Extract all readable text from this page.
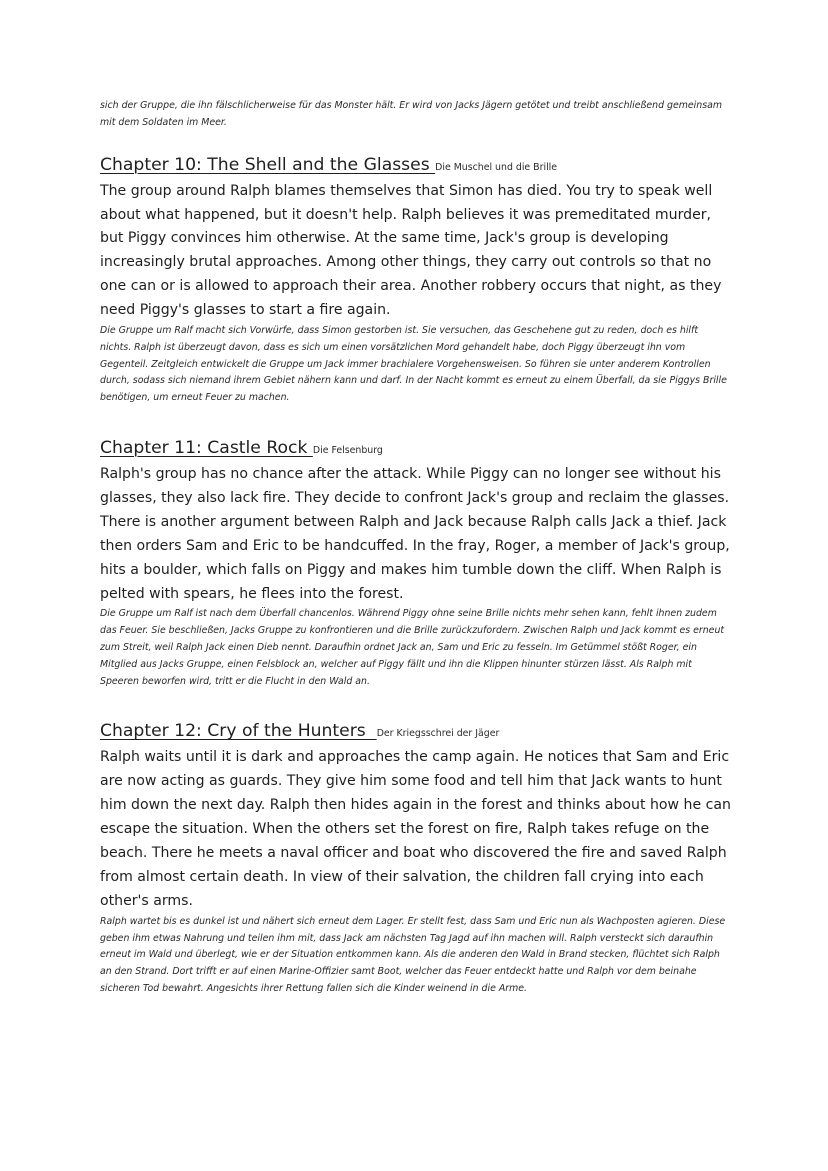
sich der Gruppe, die ihn fälschlicherweise für das Monster hält. Er wird von Jacks Jägern getötet und treibt anschließend gemeinsam mit dem Soldaten im Meer.

Chapter 10: The Shell and the Glasses Die Muschel und die Brille

The group around Ralph blames themselves that Simon has died. You try to speak well about what happened, but it doesn't help. Ralph believes it was premeditated murder, but Piggy convinces him otherwise. At the same time, Jack's group is developing increasingly brutal approaches. Among other things, they carry out controls so that no one can or is allowed to approach their area. Another robbery occurs that night, as they need Piggy's glasses to start a fire again.

Die Gruppe um Ralf macht sich Vorwürfe, dass Simon gestorben ist. Sie versuchen, das Geschehene gut zu reden, doch es hilft nichts. Ralph ist überzeugt davon, dass es sich um einen vorsätzlichen Mord gehandelt habe, doch Piggy überzeugt ihn vom Gegenteil. Zeitgleich entwickelt die Gruppe um Jack immer brachialere Vorgehensweisen. So führen sie unter anderem Kontrollen durch, sodass sich niemand ihrem Gebiet nähern kann und darf. In der Nacht kommt es erneut zu einem Überfall, da sie Piggys Brille benötigen, um erneut Feuer zu machen.

Chapter 11: Castle Rock Die Felsenburg

Ralph's group has no chance after the attack. While Piggy can no longer see without his glasses, they also lack fire. They decide to confront Jack's group and reclaim the glasses. There is another argument between Ralph and Jack because Ralph calls Jack a thief. Jack then orders Sam and Eric to be handcuffed. In the fray, Roger, a member of Jack's group, hits a boulder, which falls on Piggy and makes him tumble down the cliff. When Ralph is pelted with spears, he flees into the forest.

Die Gruppe um Ralf ist nach dem Überfall chancenlos. Während Piggy ohne seine Brille nichts mehr sehen kann, fehlt ihnen zudem das Feuer. Sie beschließen, Jacks Gruppe zu konfrontieren und die Brille zurückzufordern. Zwischen Ralph und Jack kommt es erneut zum Streit, weil Ralph Jack einen Dieb nennt. Daraufhin ordnet Jack an, Sam und Eric zu fesseln. Im Getümmel stößt Roger, ein Mitglied aus Jacks Gruppe, einen Felsblock an, welcher auf Piggy fällt und ihn die Klippen hinunter stürzen lässt. Als Ralph mit Speeren beworfen wird, tritt er die Flucht in den Wald an.

Chapter 12: Cry of the Hunters  Der Kriegsschrei der Jäger

Ralph waits until it is dark and approaches the camp again. He notices that Sam and Eric are now acting as guards. They give him some food and tell him that Jack wants to hunt him down the next day. Ralph then hides again in the forest and thinks about how he can escape the situation. When the others set the forest on fire, Ralph takes refuge on the beach. There he meets a naval officer and boat who discovered the fire and saved Ralph from almost certain death. In view of their salvation, the children fall crying into each other's arms.

Ralph wartet bis es dunkel ist und nähert sich erneut dem Lager. Er stellt fest, dass Sam und Eric nun als Wachposten agieren. Diese geben ihm etwas Nahrung und teilen ihm mit, dass Jack am nächsten Tag Jagd auf ihn machen will. Ralph versteckt sich daraufhin erneut im Wald und überlegt, wie er der Situation entkommen kann. Als die anderen den Wald in Brand stecken, flüchtet sich Ralph an den Strand. Dort trifft er auf einen Marine-Offizier samt Boot, welcher das Feuer entdeckt hatte und Ralph vor dem beinahe sicheren Tod bewahrt. Angesichts ihrer Rettung fallen sich die Kinder weinend in die Arme.
